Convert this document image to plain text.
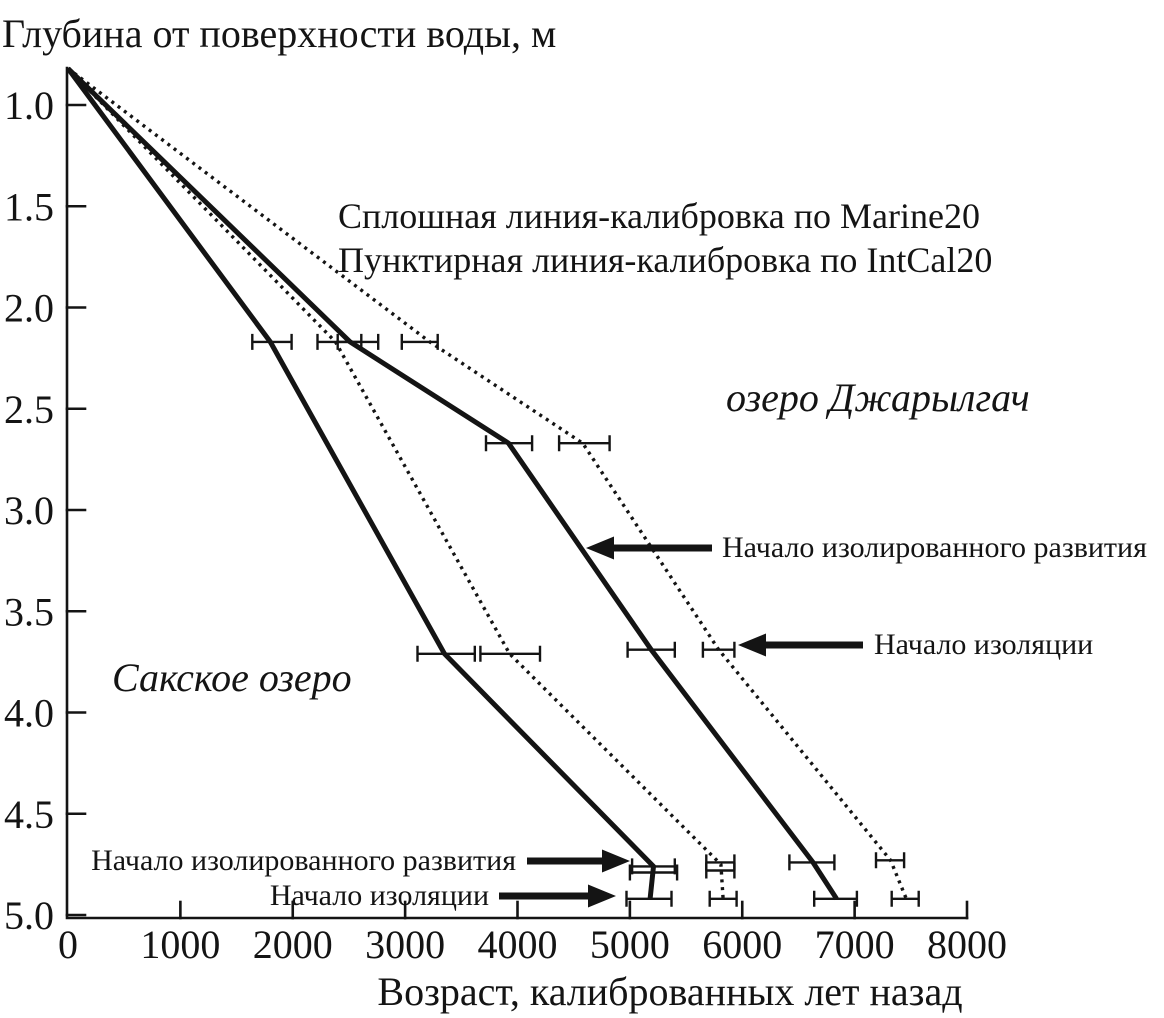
0 1000 2000 3000 4000 5000 6000 7000 8000
1.0
1.5
2.0
2.5
3.0
3.5
4.0
4.5
5.0
Глубина от поверхности воды, м
Сплошная линия-калибровка по Marine20
Пунктирная линия-калибровка по IntCal20
озеро Джарылгач
Сакское озеро
Начало изолированного развития
Начало изоляции
Начало изолированного развития
Начало изоляции
Возраст, калиброванных лет назад
